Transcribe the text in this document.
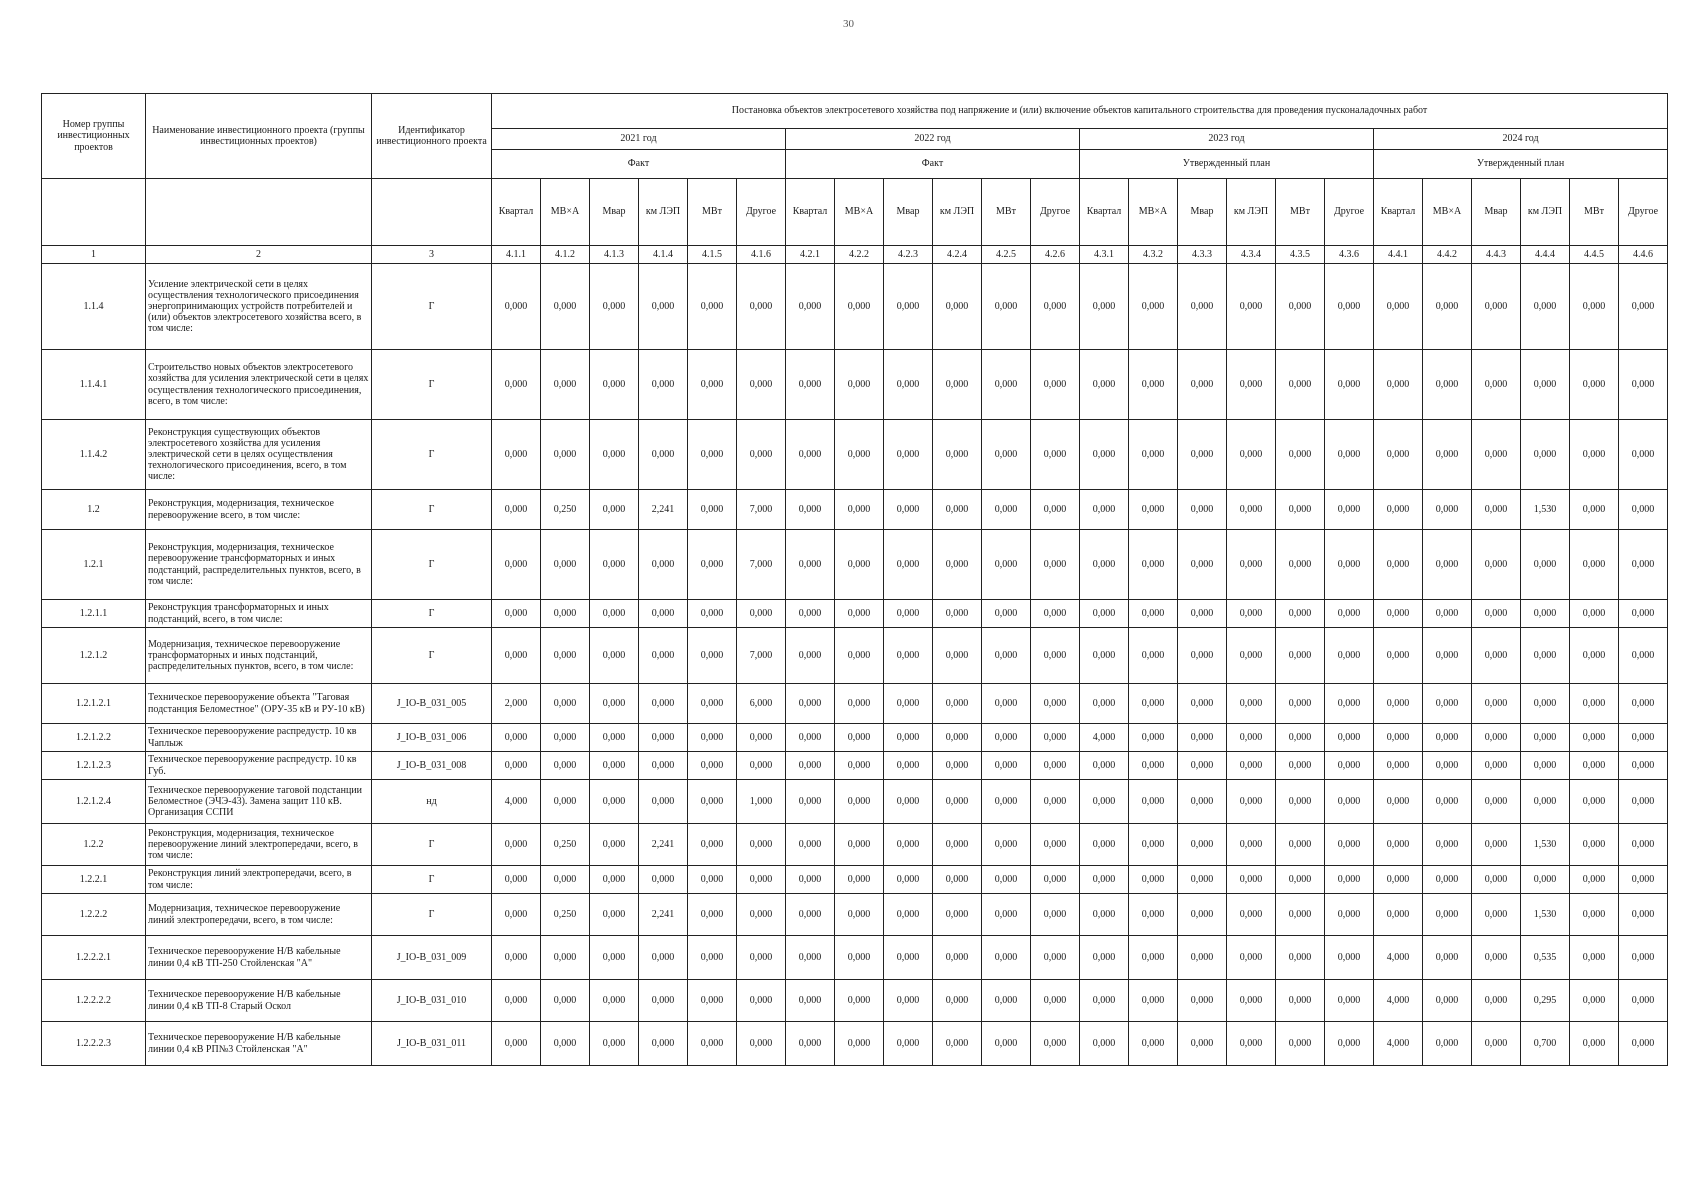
30
Номер группы инвестиционных проектов	Наименование инвестиционного проекта (группы инвестиционных проектов)	Идентификатор инвестиционного проекта	Постановка объектов электросетевого хозяйства под напряжение и (или) включение объектов капитального строительства для проведения пусконаладочных работ																							
			2021 год						2022 год						2023 год						2024 год					
			Факт						Факт						Утвержденный план						Утвержденный план					
			Квартал	МВ×А	Мвар	км ЛЭП	МВт	Другое	Квартал	МВ×А	Мвар	км ЛЭП	МВт	Другое	Квартал	МВ×А	Мвар	км ЛЭП	МВт	Другое	Квартал	МВ×А	Мвар	км ЛЭП	МВт	Другое
1	2	3	4.1.1	4.1.2	4.1.3	4.1.4	4.1.5	4.1.6	4.2.1	4.2.2	4.2.3	4.2.4	4.2.5	4.2.6	4.3.1	4.3.2	4.3.3	4.3.4	4.3.5	4.3.6	4.4.1	4.4.2	4.4.3	4.4.4	4.4.5	4.4.6
1.1.4	Усиление электрической сети в целях осуществления технологического присоединения энергопринимающих устройств потребителей и (или) объектов электросетевого хозяйства всего, в том числе:	Г	0,000	0,000	0,000	0,000	0,000	0,000	0,000	0,000	0,000	0,000	0,000	0,000	0,000	0,000	0,000	0,000	0,000	0,000	0,000	0,000	0,000	0,000	0,000	0,000
1.1.4.1	Строительство новых объектов электросетевого хозяйства для усиления электрической сети в целях осуществления технологического присоединения, всего, в том числе:	Г	0,000	0,000	0,000	0,000	0,000	0,000	0,000	0,000	0,000	0,000	0,000	0,000	0,000	0,000	0,000	0,000	0,000	0,000	0,000	0,000	0,000	0,000	0,000	0,000
1.1.4.2	Реконструкция существующих объектов электросетевого хозяйства для усиления электрической сети в целях осуществления технологического присоединения, всего, в том числе:	Г	0,000	0,000	0,000	0,000	0,000	0,000	0,000	0,000	0,000	0,000	0,000	0,000	0,000	0,000	0,000	0,000	0,000	0,000	0,000	0,000	0,000	0,000	0,000	0,000
1.2	Реконструкция, модернизация, техническое перевооружение всего, в том числе:	Г	0,000	0,250	0,000	2,241	0,000	7,000	0,000	0,000	0,000	0,000	0,000	0,000	0,000	0,000	0,000	0,000	0,000	0,000	0,000	0,000	0,000	1,530	0,000	0,000
1.2.1	Реконструкция, модернизация, техническое перевооружение трансформаторных и иных подстанций, распределительных пунктов, всего, в том числе:	Г	0,000	0,000	0,000	0,000	0,000	7,000	0,000	0,000	0,000	0,000	0,000	0,000	0,000	0,000	0,000	0,000	0,000	0,000	0,000	0,000	0,000	0,000	0,000	0,000
1.2.1.1	Реконструкция трансформаторных и иных подстанций, всего, в том числе:	Г	0,000	0,000	0,000	0,000	0,000	0,000	0,000	0,000	0,000	0,000	0,000	0,000	0,000	0,000	0,000	0,000	0,000	0,000	0,000	0,000	0,000	0,000	0,000	0,000
1.2.1.2	Модернизация, техническое перевооружение трансформаторных и иных подстанций, распределительных пунктов, всего, в том числе:	Г	0,000	0,000	0,000	0,000	0,000	7,000	0,000	0,000	0,000	0,000	0,000	0,000	0,000	0,000	0,000	0,000	0,000	0,000	0,000	0,000	0,000	0,000	0,000	0,000
1.2.1.2.1	Техническое перевооружение объекта "Таговая подстанция Беломестное" (ОРУ-35 кВ и РУ-10 кВ)	J_IO-B_031_005	2,000	0,000	0,000	0,000	0,000	6,000	0,000	0,000	0,000	0,000	0,000	0,000	0,000	0,000	0,000	0,000	0,000	0,000	0,000	0,000	0,000	0,000	0,000	0,000
1.2.1.2.2	Техническое перевооружение распредустр. 10 кв Чаплыж	J_IO-B_031_006	0,000	0,000	0,000	0,000	0,000	0,000	0,000	0,000	0,000	0,000	0,000	0,000	4,000	0,000	0,000	0,000	0,000	0,000	0,000	0,000	0,000	0,000	0,000	0,000
1.2.1.2.3	Техническое перевооружение распредустр. 10 кв Губ.	J_IO-B_031_008	0,000	0,000	0,000	0,000	0,000	0,000	0,000	0,000	0,000	0,000	0,000	0,000	0,000	0,000	0,000	0,000	0,000	0,000	0,000	0,000	0,000	0,000	0,000	0,000
1.2.1.2.4	Техническое перевооружение таговой подстанции Беломестное (ЭЧЭ-43). Замена защит 110 кВ. Организация ССПИ	нд	4,000	0,000	0,000	0,000	0,000	1,000	0,000	0,000	0,000	0,000	0,000	0,000	0,000	0,000	0,000	0,000	0,000	0,000	0,000	0,000	0,000	0,000	0,000	0,000
1.2.2	Реконструкция, модернизация, техническое перевооружение линий электропередачи, всего, в том числе:	Г	0,000	0,250	0,000	2,241	0,000	0,000	0,000	0,000	0,000	0,000	0,000	0,000	0,000	0,000	0,000	0,000	0,000	0,000	0,000	0,000	0,000	1,530	0,000	0,000
1.2.2.1	Реконструкция линий электропередачи, всего, в том числе:	Г	0,000	0,000	0,000	0,000	0,000	0,000	0,000	0,000	0,000	0,000	0,000	0,000	0,000	0,000	0,000	0,000	0,000	0,000	0,000	0,000	0,000	0,000	0,000	0,000
1.2.2.2	Модернизация, техническое перевооружение линий электропередачи, всего, в том числе:	Г	0,000	0,250	0,000	2,241	0,000	0,000	0,000	0,000	0,000	0,000	0,000	0,000	0,000	0,000	0,000	0,000	0,000	0,000	0,000	0,000	0,000	1,530	0,000	0,000
1.2.2.2.1	Техническое перевооружение Н/В кабельные линии 0,4 кВ ТП-250 Стойленская "А"	J_IO-B_031_009	0,000	0,000	0,000	0,000	0,000	0,000	0,000	0,000	0,000	0,000	0,000	0,000	0,000	0,000	0,000	0,000	0,000	0,000	4,000	0,000	0,000	0,535	0,000	0,000
1.2.2.2.2	Техническое перевооружение Н/В кабельные линии 0,4 кВ ТП-8 Старый Оскол	J_IO-B_031_010	0,000	0,000	0,000	0,000	0,000	0,000	0,000	0,000	0,000	0,000	0,000	0,000	0,000	0,000	0,000	0,000	0,000	0,000	4,000	0,000	0,000	0,295	0,000	0,000
1.2.2.2.3	Техническое перевооружение Н/В кабельные линии 0,4 кВ РП№3 Стойленская "А"	J_IO-B_031_011	0,000	0,000	0,000	0,000	0,000	0,000	0,000	0,000	0,000	0,000	0,000	0,000	0,000	0,000	0,000	0,000	0,000	0,000	4,000	0,000	0,000	0,700	0,000	0,000
